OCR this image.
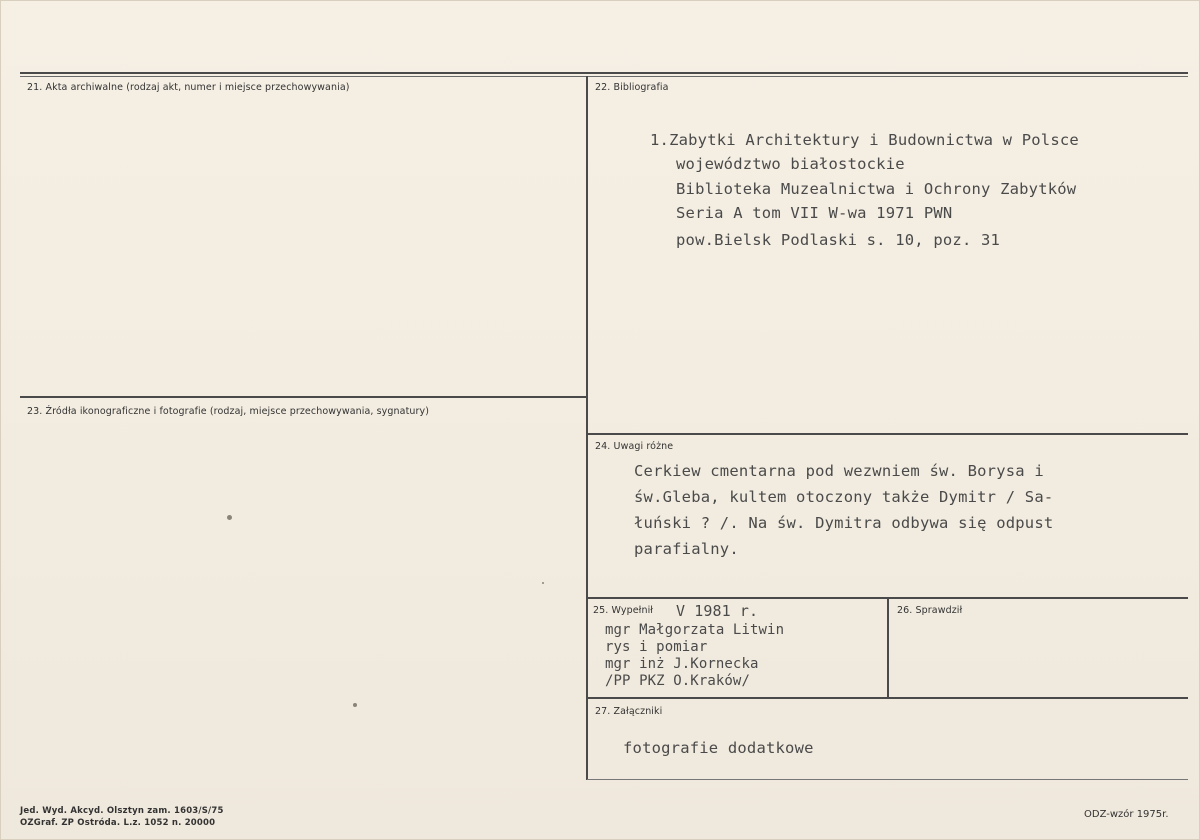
21. Akta archiwalne (rodzaj akt, numer i miejsce przechowywania)	22. Bibliografia
23. Źródła ikonograficzne i fotografie (rodzaj, miejsce przechowywania, sygnatury)
24. Uwagi różne
25. Wypełnił	26. Sprawdził
27. Załączniki
1.Zabytki Architektury i Budownictwa w Polsce
województwo białostockie
Biblioteka Muzealnictwa i Ochrony Zabytków
Seria A tom VII W-wa 1971 PWN
pow.Bielsk Podlaski s. 10, poz. 31
Cerkiew cmentarna pod wezwniem św. Borysa i
św.Gleba, kultem otoczony także Dymitr / Sa-
łuński ? /. Na św. Dymitra odbywa się odpust
parafialny.
V 1981 r.
mgr Małgorzata Litwin
rys i pomiar
mgr inż J.Kornecka
/PP PKZ O.Kraków/
fotografie dodatkowe
Jed. Wyd. Akcyd. Olsztyn zam. 1603/S/75
OZGraf. ZP Ostróda. L.z. 1052 n. 20000
ODZ-wzór 1975r.
